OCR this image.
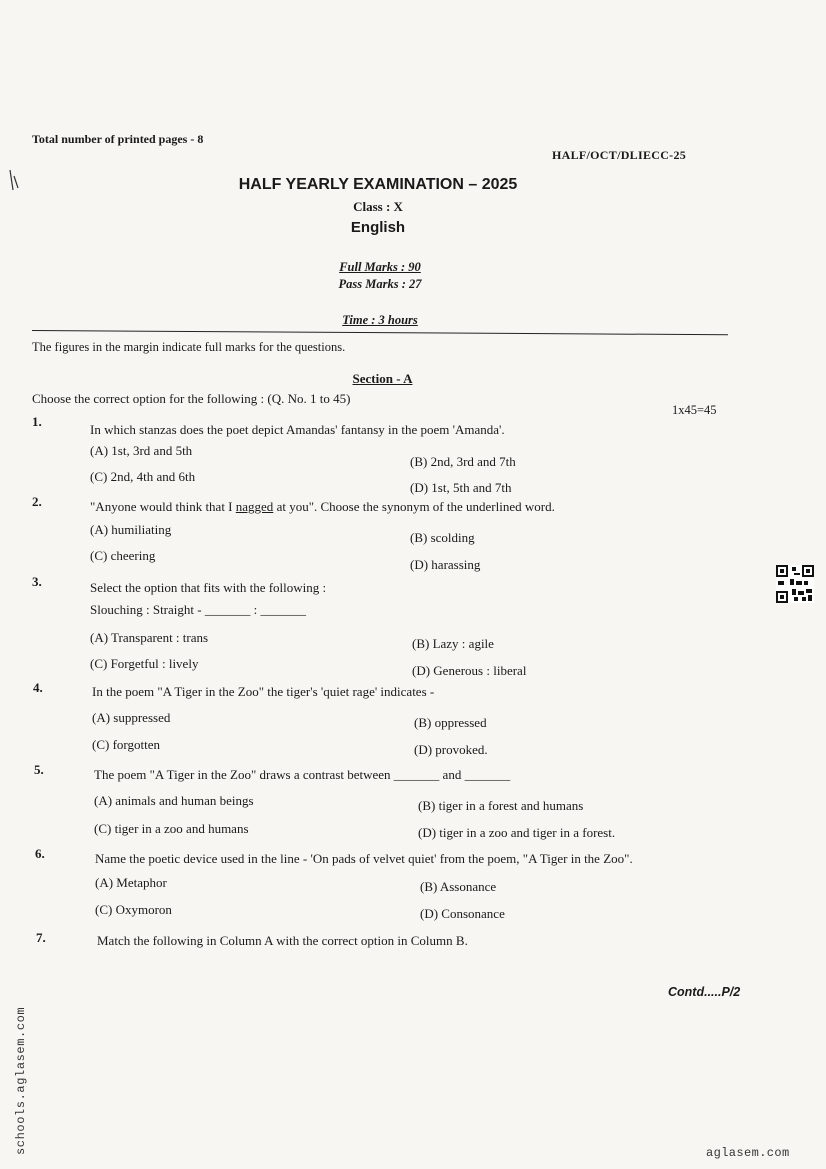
Total number of printed pages - 8
HALF/OCT/DLIECC-25
HALF YEARLY EXAMINATION – 2025
Class : X
English
Full Marks : 90
Pass Marks : 27
Time : 3 hours
The figures in the margin indicate full marks for the questions.
Section - A
Choose the correct option for the following : (Q. No. 1 to 45)
1x45=45
1.
In which stanzas does the poet depict Amandas' fantansy in the poem 'Amanda'.
(A) 1st, 3rd and 5th
(B) 2nd, 3rd and 7th
(C) 2nd, 4th and 6th
(D) 1st, 5th and 7th
2.	"Anyone would think that I nagged at you". Choose the synonym of the underlined word.
(A) humiliating
(B) scolding
(C) cheering
(D) harassing
3.	Select the option that fits with the following :
Slouching : Straight - _______ : _______
(A) Transparent : trans	(B) Lazy : agile
(C) Forgetful : lively	(D) Generous : liberal
4.	In the poem "A Tiger in the Zoo" the tiger's 'quiet rage' indicates -
(A) suppressed	(B) oppressed
(C) forgotten	(D) provoked.
5.	The poem "A Tiger in the Zoo" draws a contrast between _______ and _______
(A) animals and human beings	(B) tiger in a forest and humans
(C) tiger in a zoo and humans	(D) tiger in a zoo and tiger in a forest.
6.	Name the poetic device used in the line - 'On pads of velvet quiet' from the poem, "A Tiger in the Zoo".
(A) Metaphor	(B) Assonance
(C) Oxymoron	(D) Consonance
7.	Match the following in Column A with the correct option in Column B.
Contd.....P/2
schools.aglasem.com	aglasem.com
